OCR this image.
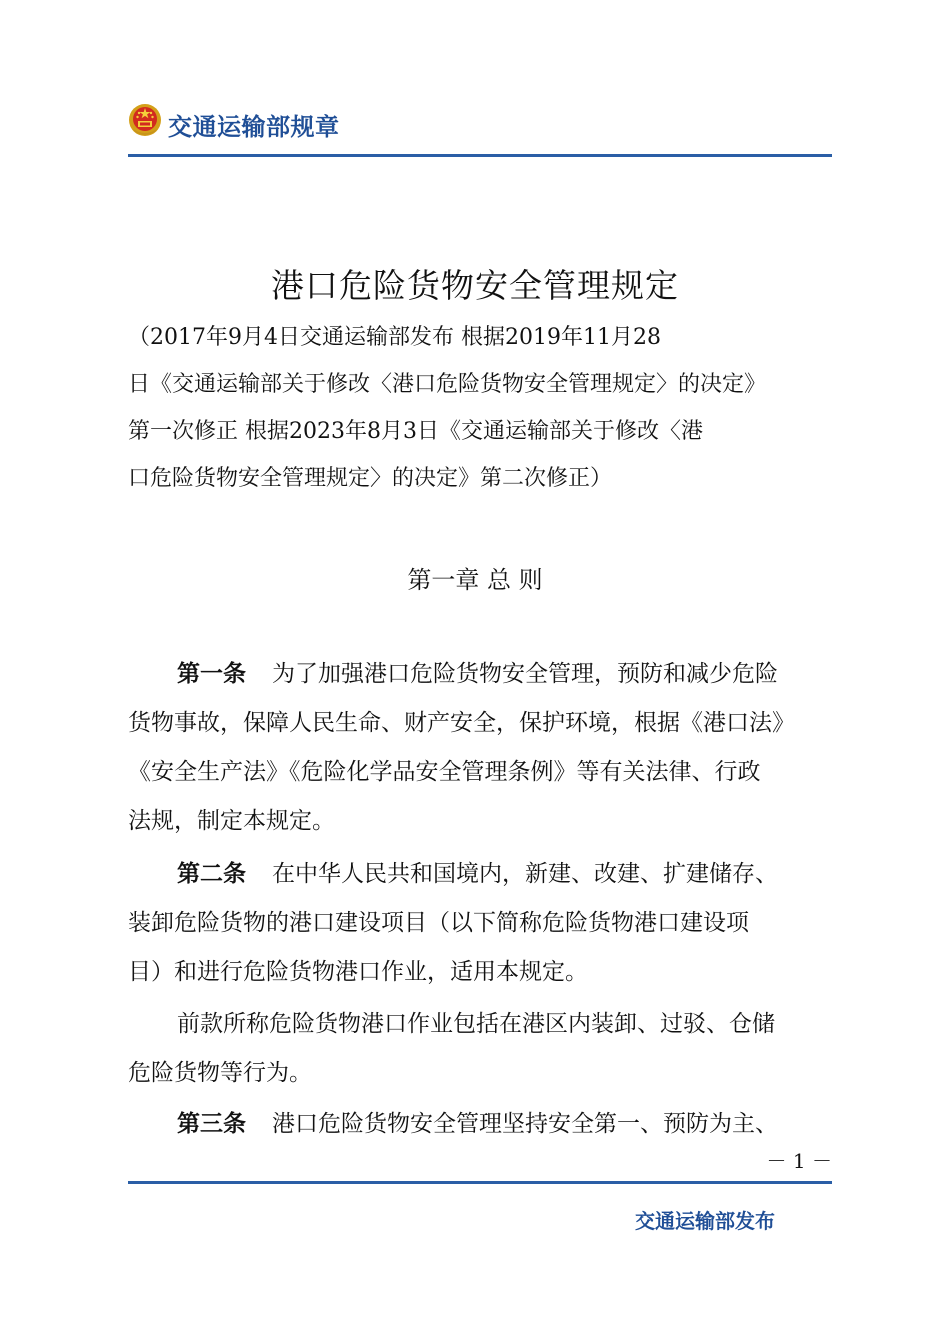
交通运输部规章
港口危险货物安全管理规定
（2017年9月4日交通运输部发布 根据2019年11月28
日《交通运输部关于修改〈港口危险货物安全管理规定〉的决定》
第一次修正 根据2023年8月3日《交通运输部关于修改〈港
口危险货物安全管理规定〉的决定》第二次修正）
第一章 总 则
第一条 为了加强港口危险货物安全管理，预防和减少危险
货物事故，保障人民生命、财产安全，保护环境，根据《港口法》
《安全生产法》《危险化学品安全管理条例》等有关法律、行政
法规，制定本规定。
第二条 在中华人民共和国境内，新建、改建、扩建储存、
装卸危险货物的港口建设项目（以下简称危险货物港口建设项
目）和进行危险货物港口作业，适用本规定。
前款所称危险货物港口作业包括在港区内装卸、过驳、仓储
危险货物等行为。
第三条 港口危险货物安全管理坚持安全第一、预防为主、
－ 1 －
交通运输部发布
